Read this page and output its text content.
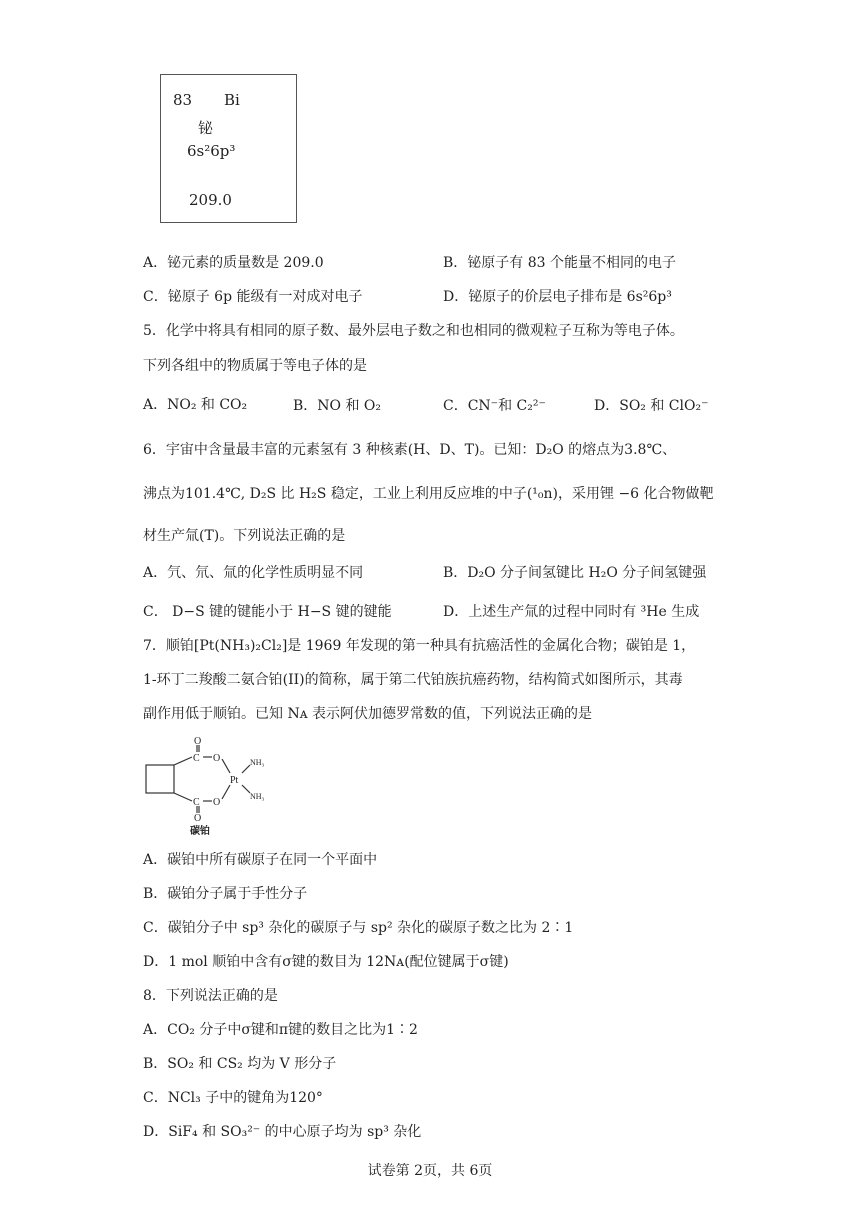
83 Bi
铋
6s²6p³
209.0
A．铋元素的质量数是 209.0	B．铋原子有 83 个能量不相同的电子
C．铋原子 6p 能级有一对成对电子	D．铋原子的价层电子排布是 6s²6p³
5．化学中将具有相同的原子数、最外层电子数之和也相同的微观粒子互称为等电子体。
下列各组中的物质属于等电子体的是
A．NO₂ 和 CO₂	B．NO 和 O₂	C．CN⁻和 C₂²⁻	D．SO₂ 和 ClO₂⁻
6．宇宙中含量最丰富的元素氢有 3 种核素(H、D、T)。已知：D₂O 的熔点为3.8℃、
沸点为101.4℃, D₂S 比 H₂S 稳定，工业上利用反应堆的中子(¹₀n)，采用锂 −6 化合物做靶
材生产氚(T)。下列说法正确的是
A．氕、氘、氚的化学性质明显不同	B．D₂O 分子间氢键比 H₂O 分子间氢键强
C． D−S 键的键能小于 H−S 键的键能	D．上述生产氚的过程中同时有 ³He 生成
7．顺铂[Pt(NH₃)₂Cl₂]是 1969 年发现的第一种具有抗癌活性的金属化合物；碳铂是 1，
1-环丁二羧酸二氨合铂(II)的简称，属于第二代铂族抗癌药物，结构简式如图所示，其毒
副作用低于顺铂。已知 Nᴀ 表示阿伏加德罗常数的值，下列说法正确的是
O
C O
Pt
NH₃
NH₃
C O
O
碳铂
A．碳铂中所有碳原子在同一个平面中
B．碳铂分子属于手性分子
C．碳铂分子中 sp³ 杂化的碳原子与 sp² 杂化的碳原子数之比为 2∶1
D．1 mol 顺铂中含有σ键的数目为 12Nᴀ(配位键属于σ键)
8．下列说法正确的是
A．CO₂ 分子中σ键和π键的数目之比为1∶2
B．SO₂ 和 CS₂ 均为 V 形分子
C．NCl₃ 子中的键角为120°
D．SiF₄ 和 SO₃²⁻ 的中心原子均为 sp³ 杂化
试卷第 2页，共 6页
